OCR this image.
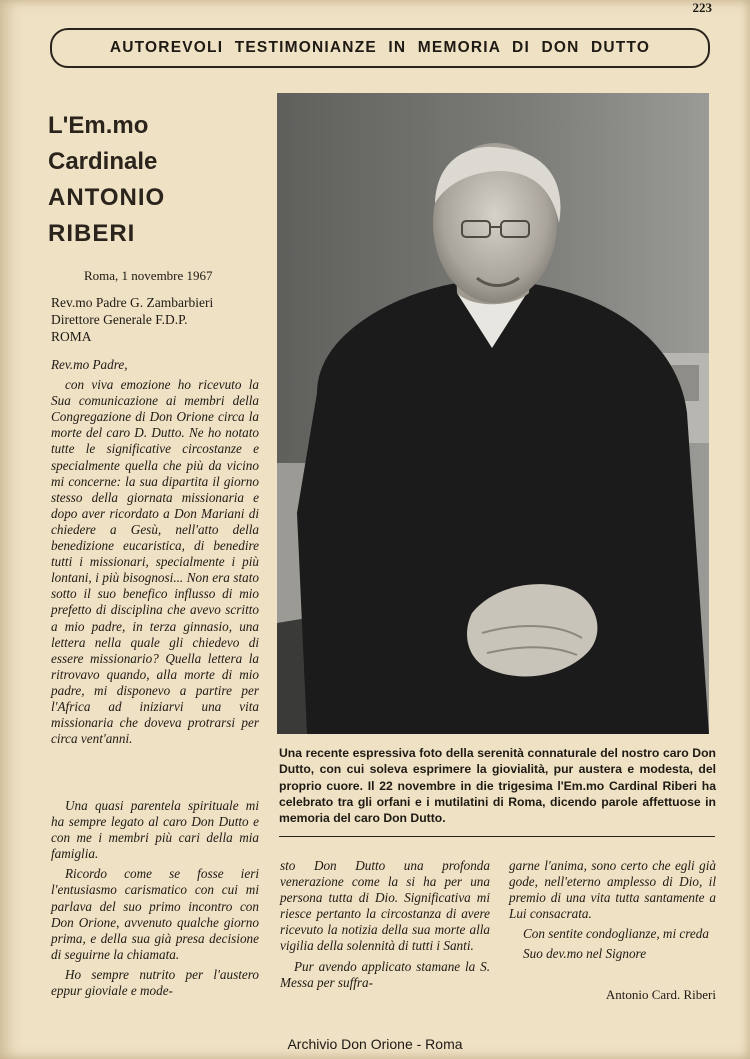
223
AUTOREVOLI TESTIMONIANZE IN MEMORIA DI DON DUTTO
L'Em.mo
Cardinale
ANTONIO
RIBERI
Roma, 1 novembre 1967
Rev.mo Padre G. Zambarbieri
Direttore Generale F.D.P.
ROMA

Rev.mo Padre,

con viva emozione ho ricevuto la Sua comunicazione ai membri della Congregazione di Don Orione circa la morte del caro D. Dutto. Ne ho notato tutte le significative circostanze e specialmente quella che più da vicino mi concerne: la sua dipartita il giorno stesso della giornata missionaria e dopo aver ricordato a Don Mariani di chiedere a Gesù, nell'atto della benedizione eucaristica, di benedire tutti i missionari, specialmente i più lontani, i più bisognosi... Non era stato sotto il suo benefico influsso di mio prefetto di disciplina che avevo scritto a mio padre, in terza ginnasio, una lettera nella quale gli chiedevo di essere missionario? Quella lettera la ritrovavo quando, alla morte di mio padre, mi disponevo a partire per l'Africa ad iniziarvi una vita missionaria che doveva protrarsi per circa vent'anni.

Una quasi parentela spirituale mi ha sempre legato al caro Don Dutto e con me i membri più cari della mia famiglia.

Ricordo come se fosse ieri l'entusiasmo carismatico con cui mi parlava del suo primo incontro con Don Orione, avvenuto qualche giorno prima, e della sua già presa decisione di seguirne la chiamata.

Ho sempre nutrito per l'austero eppur gioviale e mode-

Una recente espressiva foto della serenità connaturale del nostro caro Don Dutto, con cui soleva esprimere la giovialità, pur austera e modesta, del proprio cuore. Il 22 novembre in die trigesima l'Em.mo Cardinal Riberi ha celebrato tra gli orfani e i mutilatini di Roma, dicendo parole affettuose in memoria del caro Don Dutto.

sto Don Dutto una profonda venerazione come la si ha per una persona tutta di Dio. Significativa mi riesce pertanto la circostanza di avere ricevuto la notizia della sua morte alla vigilia della solennità di tutti i Santi.

Pur avendo applicato stamane la S. Messa per suffra-

garne l'anima, sono certo che egli già gode, nell'eterno amplesso di Dio, il premio di una vita tutta santamente a Lui consacrata.

Con sentite condoglianze, mi creda

Suo dev.mo nel Signore

Antonio Card. Riberi
Archivio Don Orione - Roma
